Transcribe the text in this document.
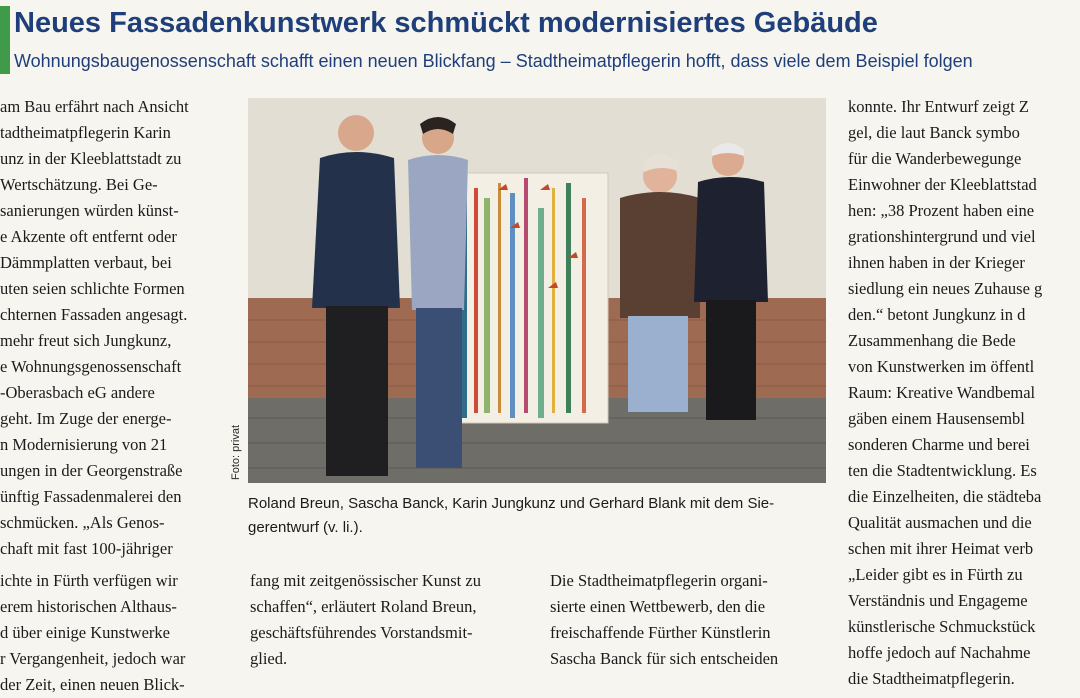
Neues Fassadenkunstwerk schmückt modernisiertes Gebäude
Wohnungsbaugenossenschaft schafft einen neuen Blickfang – Stadtheimatpflegerin hofft, dass viele dem Beispiel folgen
am Bau erfährt nach Ansicht
tadtheimatpflegerin Karin
unz in der Kleeblattstadt zu
Wertschätzung. Bei Ge-
sanierungen würden künst-
e Akzente oft entfernt oder
Dämmplatten verbaut, bei
uten seien schlichte Formen
chternen Fassaden angesagt.
mehr freut sich Jungkunz,
e Wohnungsgenossenschaft
-Oberasbach eG andere
geht. Im Zuge der energe-
n Modernisierung von 21
ungen in der Georgenstraße
ünftig Fassadenmalerei den
schmücken. „Als Genos-
chaft mit fast 100-jähriger
ichte in Fürth verfügen wir
erem historischen Althaus-
d über einige Kunstwerke
r Vergangenheit, jedoch war
der Zeit, einen neuen Blick-
Foto: privat
Roland Breun, Sascha Banck, Karin Jungkunz und Gerhard Blank mit dem Sie-
gerentwurf (v. li.).
fang mit zeitgenössischer Kunst zu
schaffen“, erläutert Roland Breun,
geschäftsführendes Vorstandsmit-
glied.
Die Stadtheimatpflegerin organi-
sierte einen Wettbewerb, den die
freischaffende Fürther Künstlerin
Sascha Banck für sich entscheiden
konnte. Ihr Entwurf zeigt Z
gel, die laut Banck symbo
für die Wanderbewegunge
Einwohner der Kleeblattstad
hen: „38 Prozent haben eine
grationshintergrund und viel
ihnen haben in der Krieger
siedlung ein neues Zuhause g
den.“ betont Jungkunz in d
Zusammenhang die Bede
von Kunstwerken im öffentl
Raum: Kreative Wandbemal
gäben einem Hausensembl
sonderen Charme und berei
ten die Stadtentwicklung. Es
die Einzelheiten, die städteba
Qualität ausmachen und die
schen mit ihrer Heimat verb
„Leider gibt es in Fürth zu
Verständnis und Engageme
künstlerische Schmuckstück
hoffe jedoch auf Nachahme
die Stadtheimatpflegerin.
